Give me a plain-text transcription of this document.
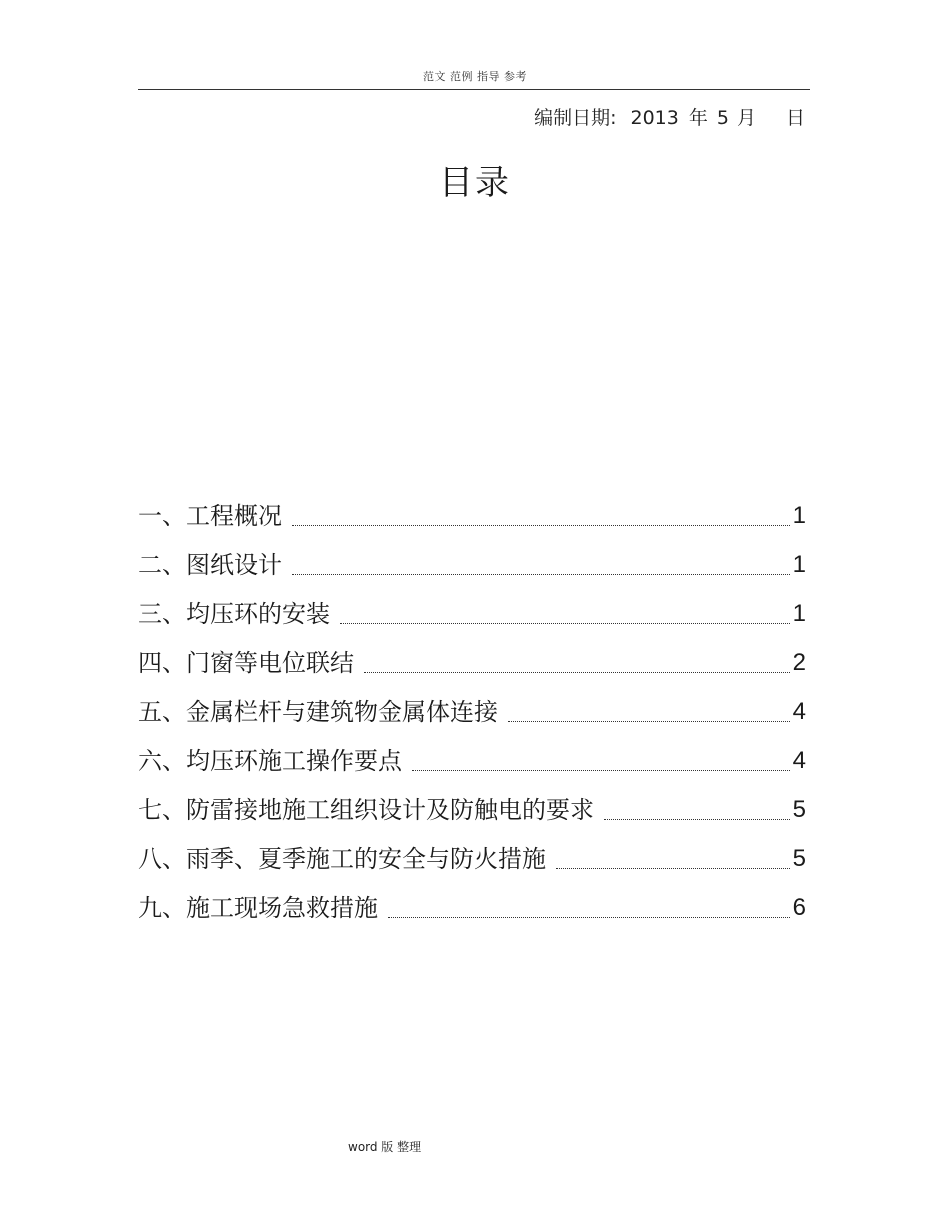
范文 范例 指导 参考
编制日期: 2013 年 5 月 日
目录
一、工程概况	1
二、图纸设计	1
三、均压环的安装	1
四、门窗等电位联结	2
五、金属栏杆与建筑物金属体连接	4
六、均压环施工操作要点	4
七、防雷接地施工组织设计及防触电的要求	5
八、雨季、夏季施工的安全与防火措施	5
九、施工现场急救措施	6
word 版 整理
